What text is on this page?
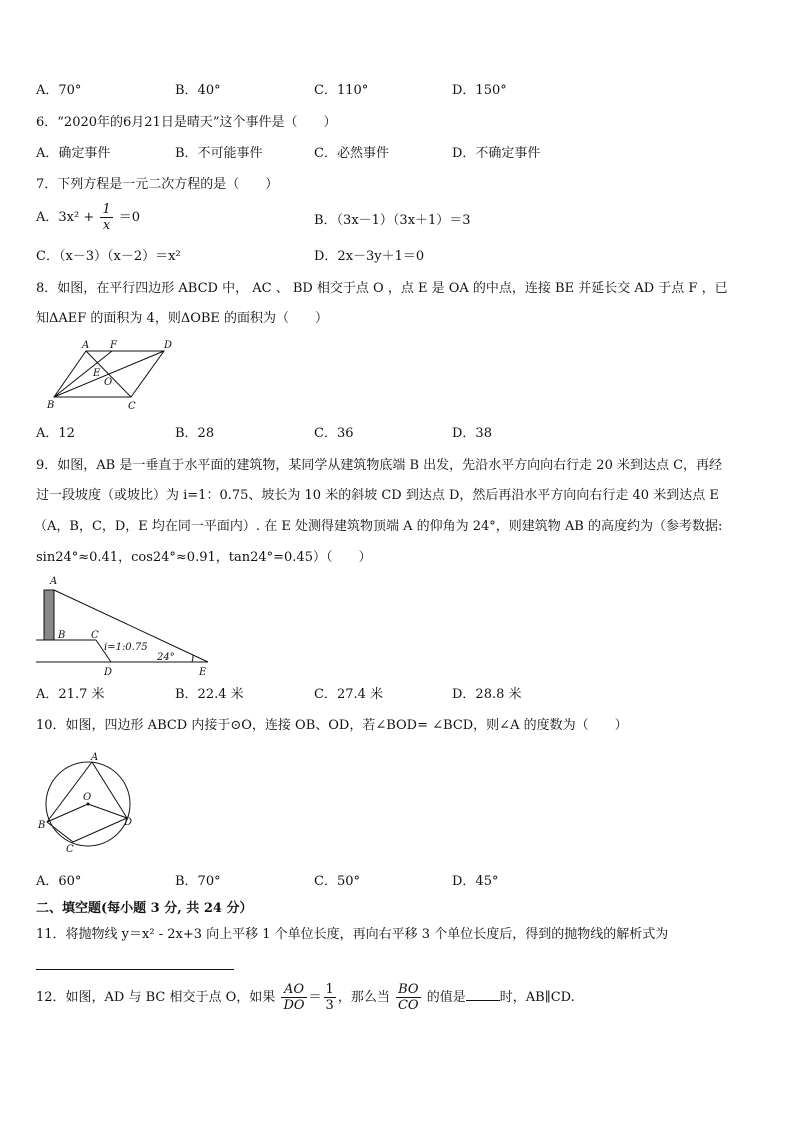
A．70°	B．40°	C．110°	D．150°
6．“2020年的6月21日是晴天”这个事件是（　　）
A．确定事件	B．不可能事件	C．必然事件	D．不确定事件
7．下列方程是一元二次方程的是（　　）
A．$3x^2 + \frac{1}{x} =0$	B．（3x－1）（3x＋1）＝3
C．（x－3）（x－2）＝x²	D．2x－3y＋1＝0
8．如图，在平行四边形 ABCD 中， AC 、 BD 相交于点 O ，点 E 是 OA 的中点，连接 BE 并延长交 AD 于点 F ，已
知ΔAEF 的面积为 4，则ΔOBE 的面积为（　　）
A F	D
E
O
B	C
A．12	B．28	C．36	D．38
9．如图，AB 是一垂直于水平面的建筑物，某同学从建筑物底端 B 出发，先沿水平方向向右行走 20 米到达点 C，再经
过一段坡度（或坡比）为 i=1：0.75、坡长为 10 米的斜坡 CD 到达点 D，然后再沿水平方向向右行走 40 米到达点 E
（A，B，C，D，E 均在同一平面内）. 在 E 处测得建筑物顶端 A 的仰角为 24°，则建筑物 AB 的高度约为（参考数据:
sin24°≈0.41，cos24°≈0.91，tan24°=0.45）（　　）
A
B	C
D	E
i=1:0.75
24°
A．21.7 米	B．22.4 米	C．27.4 米	D．28.8 米
10．如图，四边形 ABCD 内接于⊙O，连接 OB、OD，若∠BOD= ∠BCD，则∠A 的度数为（　　）
A
O
B
C
D
A．60°	B．70°	C．50°	D．45°
二、填空题(每小题 3 分, 共 24 分）
11．将抛物线 y＝x² - 2x+3 向上平移 1 个单位长度，再向右平移 3 个单位长度后，得到的抛物线的解析式为
12．如图，AD 与 BC 相交于点 O，如果 $\frac{AO}{DO} = \frac{1}{3}$ ，那么当 $\frac{BO}{CO}$ 的值是	时，AB∥CD.
